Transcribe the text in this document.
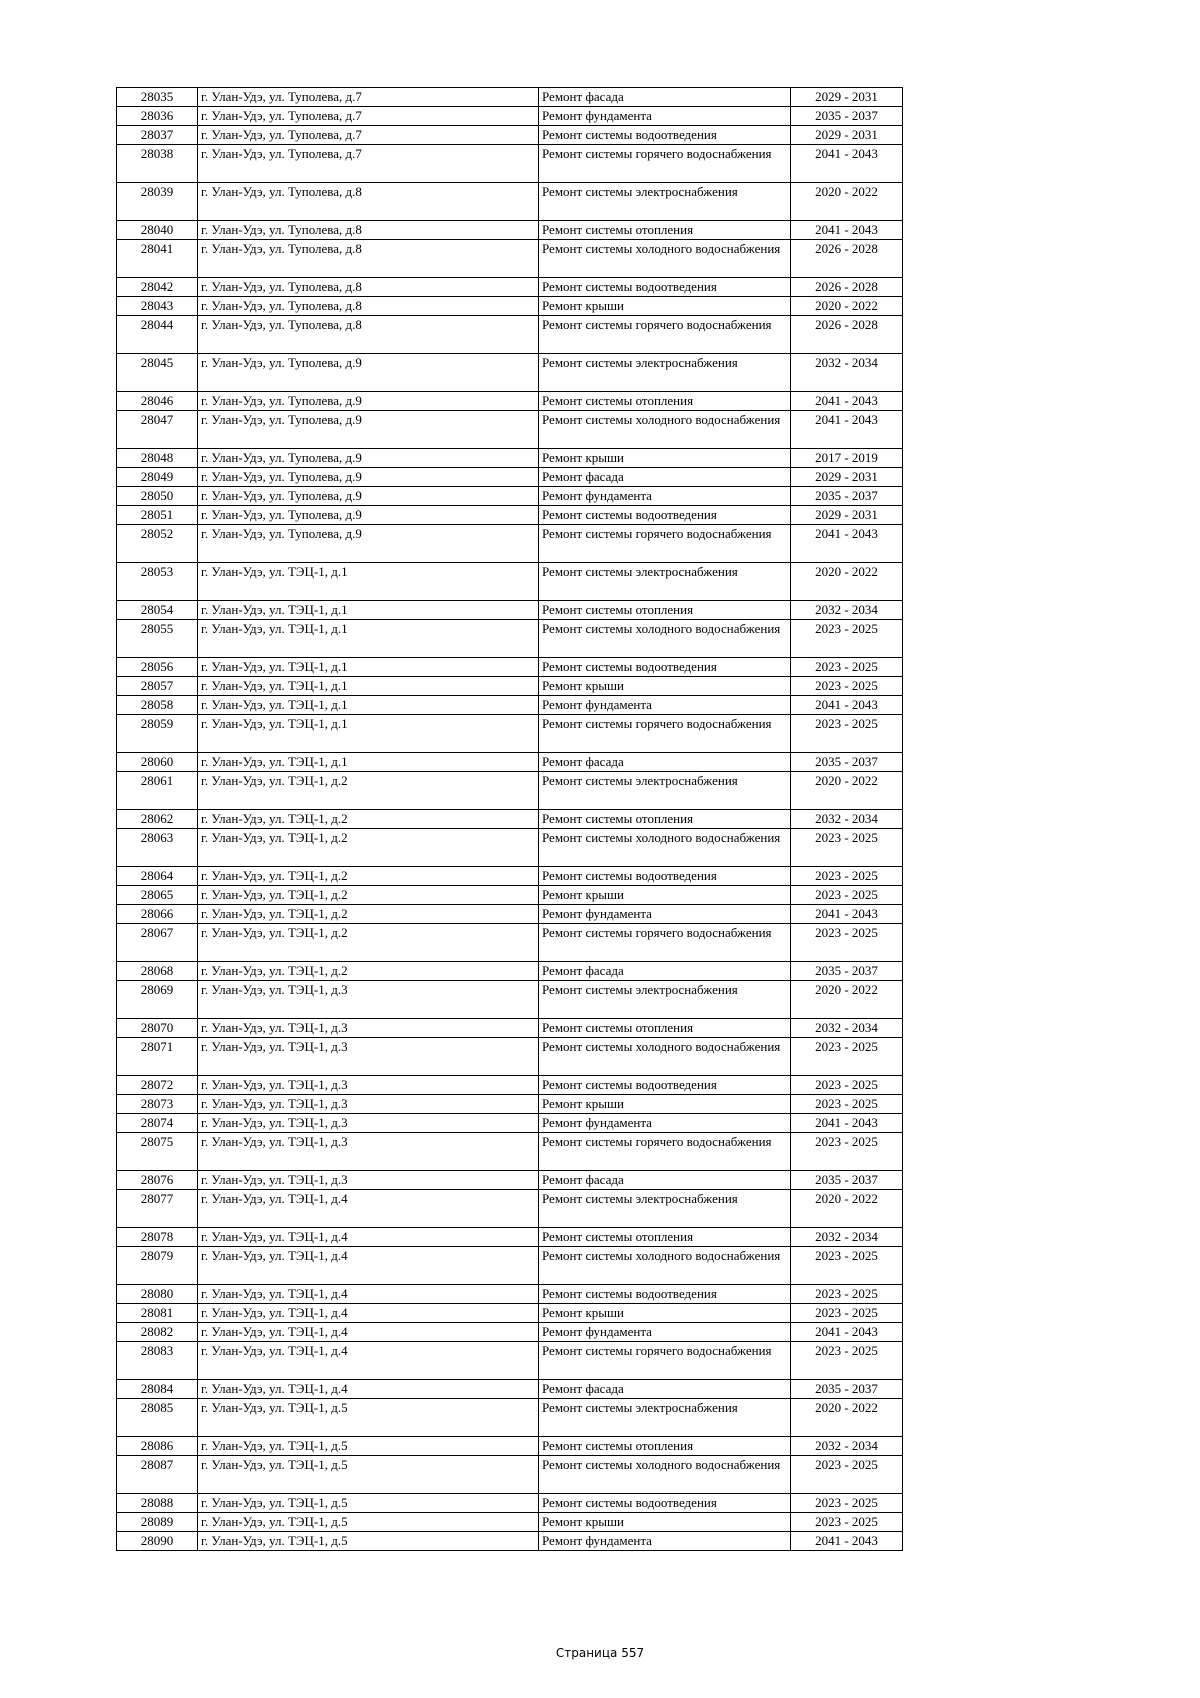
28035	г. Улан-Удэ, ул. Туполева, д.7	Ремонт фасада	2029 - 2031
28036	г. Улан-Удэ, ул. Туполева, д.7	Ремонт фундамента	2035 - 2037
28037	г. Улан-Удэ, ул. Туполева, д.7	Ремонт системы водоотведения	2029 - 2031
28038	г. Улан-Удэ, ул. Туполева, д.7	Ремонт системы горячего водоснабжения	2041 - 2043
28039	г. Улан-Удэ, ул. Туполева, д.8	Ремонт системы электроснабжения	2020 - 2022
28040	г. Улан-Удэ, ул. Туполева, д.8	Ремонт системы отопления	2041 - 2043
28041	г. Улан-Удэ, ул. Туполева, д.8	Ремонт системы холодного водоснабжения	2026 - 2028
28042	г. Улан-Удэ, ул. Туполева, д.8	Ремонт системы водоотведения	2026 - 2028
28043	г. Улан-Удэ, ул. Туполева, д.8	Ремонт крыши	2020 - 2022
28044	г. Улан-Удэ, ул. Туполева, д.8	Ремонт системы горячего водоснабжения	2026 - 2028
28045	г. Улан-Удэ, ул. Туполева, д.9	Ремонт системы электроснабжения	2032 - 2034
28046	г. Улан-Удэ, ул. Туполева, д.9	Ремонт системы отопления	2041 - 2043
28047	г. Улан-Удэ, ул. Туполева, д.9	Ремонт системы холодного водоснабжения	2041 - 2043
28048	г. Улан-Удэ, ул. Туполева, д.9	Ремонт крыши	2017 - 2019
28049	г. Улан-Удэ, ул. Туполева, д.9	Ремонт фасада	2029 - 2031
28050	г. Улан-Удэ, ул. Туполева, д.9	Ремонт фундамента	2035 - 2037
28051	г. Улан-Удэ, ул. Туполева, д.9	Ремонт системы водоотведения	2029 - 2031
28052	г. Улан-Удэ, ул. Туполева, д.9	Ремонт системы горячего водоснабжения	2041 - 2043
28053	г. Улан-Удэ, ул. ТЭЦ-1, д.1	Ремонт системы электроснабжения	2020 - 2022
28054	г. Улан-Удэ, ул. ТЭЦ-1, д.1	Ремонт системы отопления	2032 - 2034
28055	г. Улан-Удэ, ул. ТЭЦ-1, д.1	Ремонт системы холодного водоснабжения	2023 - 2025
28056	г. Улан-Удэ, ул. ТЭЦ-1, д.1	Ремонт системы водоотведения	2023 - 2025
28057	г. Улан-Удэ, ул. ТЭЦ-1, д.1	Ремонт крыши	2023 - 2025
28058	г. Улан-Удэ, ул. ТЭЦ-1, д.1	Ремонт фундамента	2041 - 2043
28059	г. Улан-Удэ, ул. ТЭЦ-1, д.1	Ремонт системы горячего водоснабжения	2023 - 2025
28060	г. Улан-Удэ, ул. ТЭЦ-1, д.1	Ремонт фасада	2035 - 2037
28061	г. Улан-Удэ, ул. ТЭЦ-1, д.2	Ремонт системы электроснабжения	2020 - 2022
28062	г. Улан-Удэ, ул. ТЭЦ-1, д.2	Ремонт системы отопления	2032 - 2034
28063	г. Улан-Удэ, ул. ТЭЦ-1, д.2	Ремонт системы холодного водоснабжения	2023 - 2025
28064	г. Улан-Удэ, ул. ТЭЦ-1, д.2	Ремонт системы водоотведения	2023 - 2025
28065	г. Улан-Удэ, ул. ТЭЦ-1, д.2	Ремонт крыши	2023 - 2025
28066	г. Улан-Удэ, ул. ТЭЦ-1, д.2	Ремонт фундамента	2041 - 2043
28067	г. Улан-Удэ, ул. ТЭЦ-1, д.2	Ремонт системы горячего водоснабжения	2023 - 2025
28068	г. Улан-Удэ, ул. ТЭЦ-1, д.2	Ремонт фасада	2035 - 2037
28069	г. Улан-Удэ, ул. ТЭЦ-1, д.3	Ремонт системы электроснабжения	2020 - 2022
28070	г. Улан-Удэ, ул. ТЭЦ-1, д.3	Ремонт системы отопления	2032 - 2034
28071	г. Улан-Удэ, ул. ТЭЦ-1, д.3	Ремонт системы холодного водоснабжения	2023 - 2025
28072	г. Улан-Удэ, ул. ТЭЦ-1, д.3	Ремонт системы водоотведения	2023 - 2025
28073	г. Улан-Удэ, ул. ТЭЦ-1, д.3	Ремонт крыши	2023 - 2025
28074	г. Улан-Удэ, ул. ТЭЦ-1, д.3	Ремонт фундамента	2041 - 2043
28075	г. Улан-Удэ, ул. ТЭЦ-1, д.3	Ремонт системы горячего водоснабжения	2023 - 2025
28076	г. Улан-Удэ, ул. ТЭЦ-1, д.3	Ремонт фасада	2035 - 2037
28077	г. Улан-Удэ, ул. ТЭЦ-1, д.4	Ремонт системы электроснабжения	2020 - 2022
28078	г. Улан-Удэ, ул. ТЭЦ-1, д.4	Ремонт системы отопления	2032 - 2034
28079	г. Улан-Удэ, ул. ТЭЦ-1, д.4	Ремонт системы холодного водоснабжения	2023 - 2025
28080	г. Улан-Удэ, ул. ТЭЦ-1, д.4	Ремонт системы водоотведения	2023 - 2025
28081	г. Улан-Удэ, ул. ТЭЦ-1, д.4	Ремонт крыши	2023 - 2025
28082	г. Улан-Удэ, ул. ТЭЦ-1, д.4	Ремонт фундамента	2041 - 2043
28083	г. Улан-Удэ, ул. ТЭЦ-1, д.4	Ремонт системы горячего водоснабжения	2023 - 2025
28084	г. Улан-Удэ, ул. ТЭЦ-1, д.4	Ремонт фасада	2035 - 2037
28085	г. Улан-Удэ, ул. ТЭЦ-1, д.5	Ремонт системы электроснабжения	2020 - 2022
28086	г. Улан-Удэ, ул. ТЭЦ-1, д.5	Ремонт системы отопления	2032 - 2034
28087	г. Улан-Удэ, ул. ТЭЦ-1, д.5	Ремонт системы холодного водоснабжения	2023 - 2025
28088	г. Улан-Удэ, ул. ТЭЦ-1, д.5	Ремонт системы водоотведения	2023 - 2025
28089	г. Улан-Удэ, ул. ТЭЦ-1, д.5	Ремонт крыши	2023 - 2025
28090	г. Улан-Удэ, ул. ТЭЦ-1, д.5	Ремонт фундамента	2041 - 2043
Страница 557
